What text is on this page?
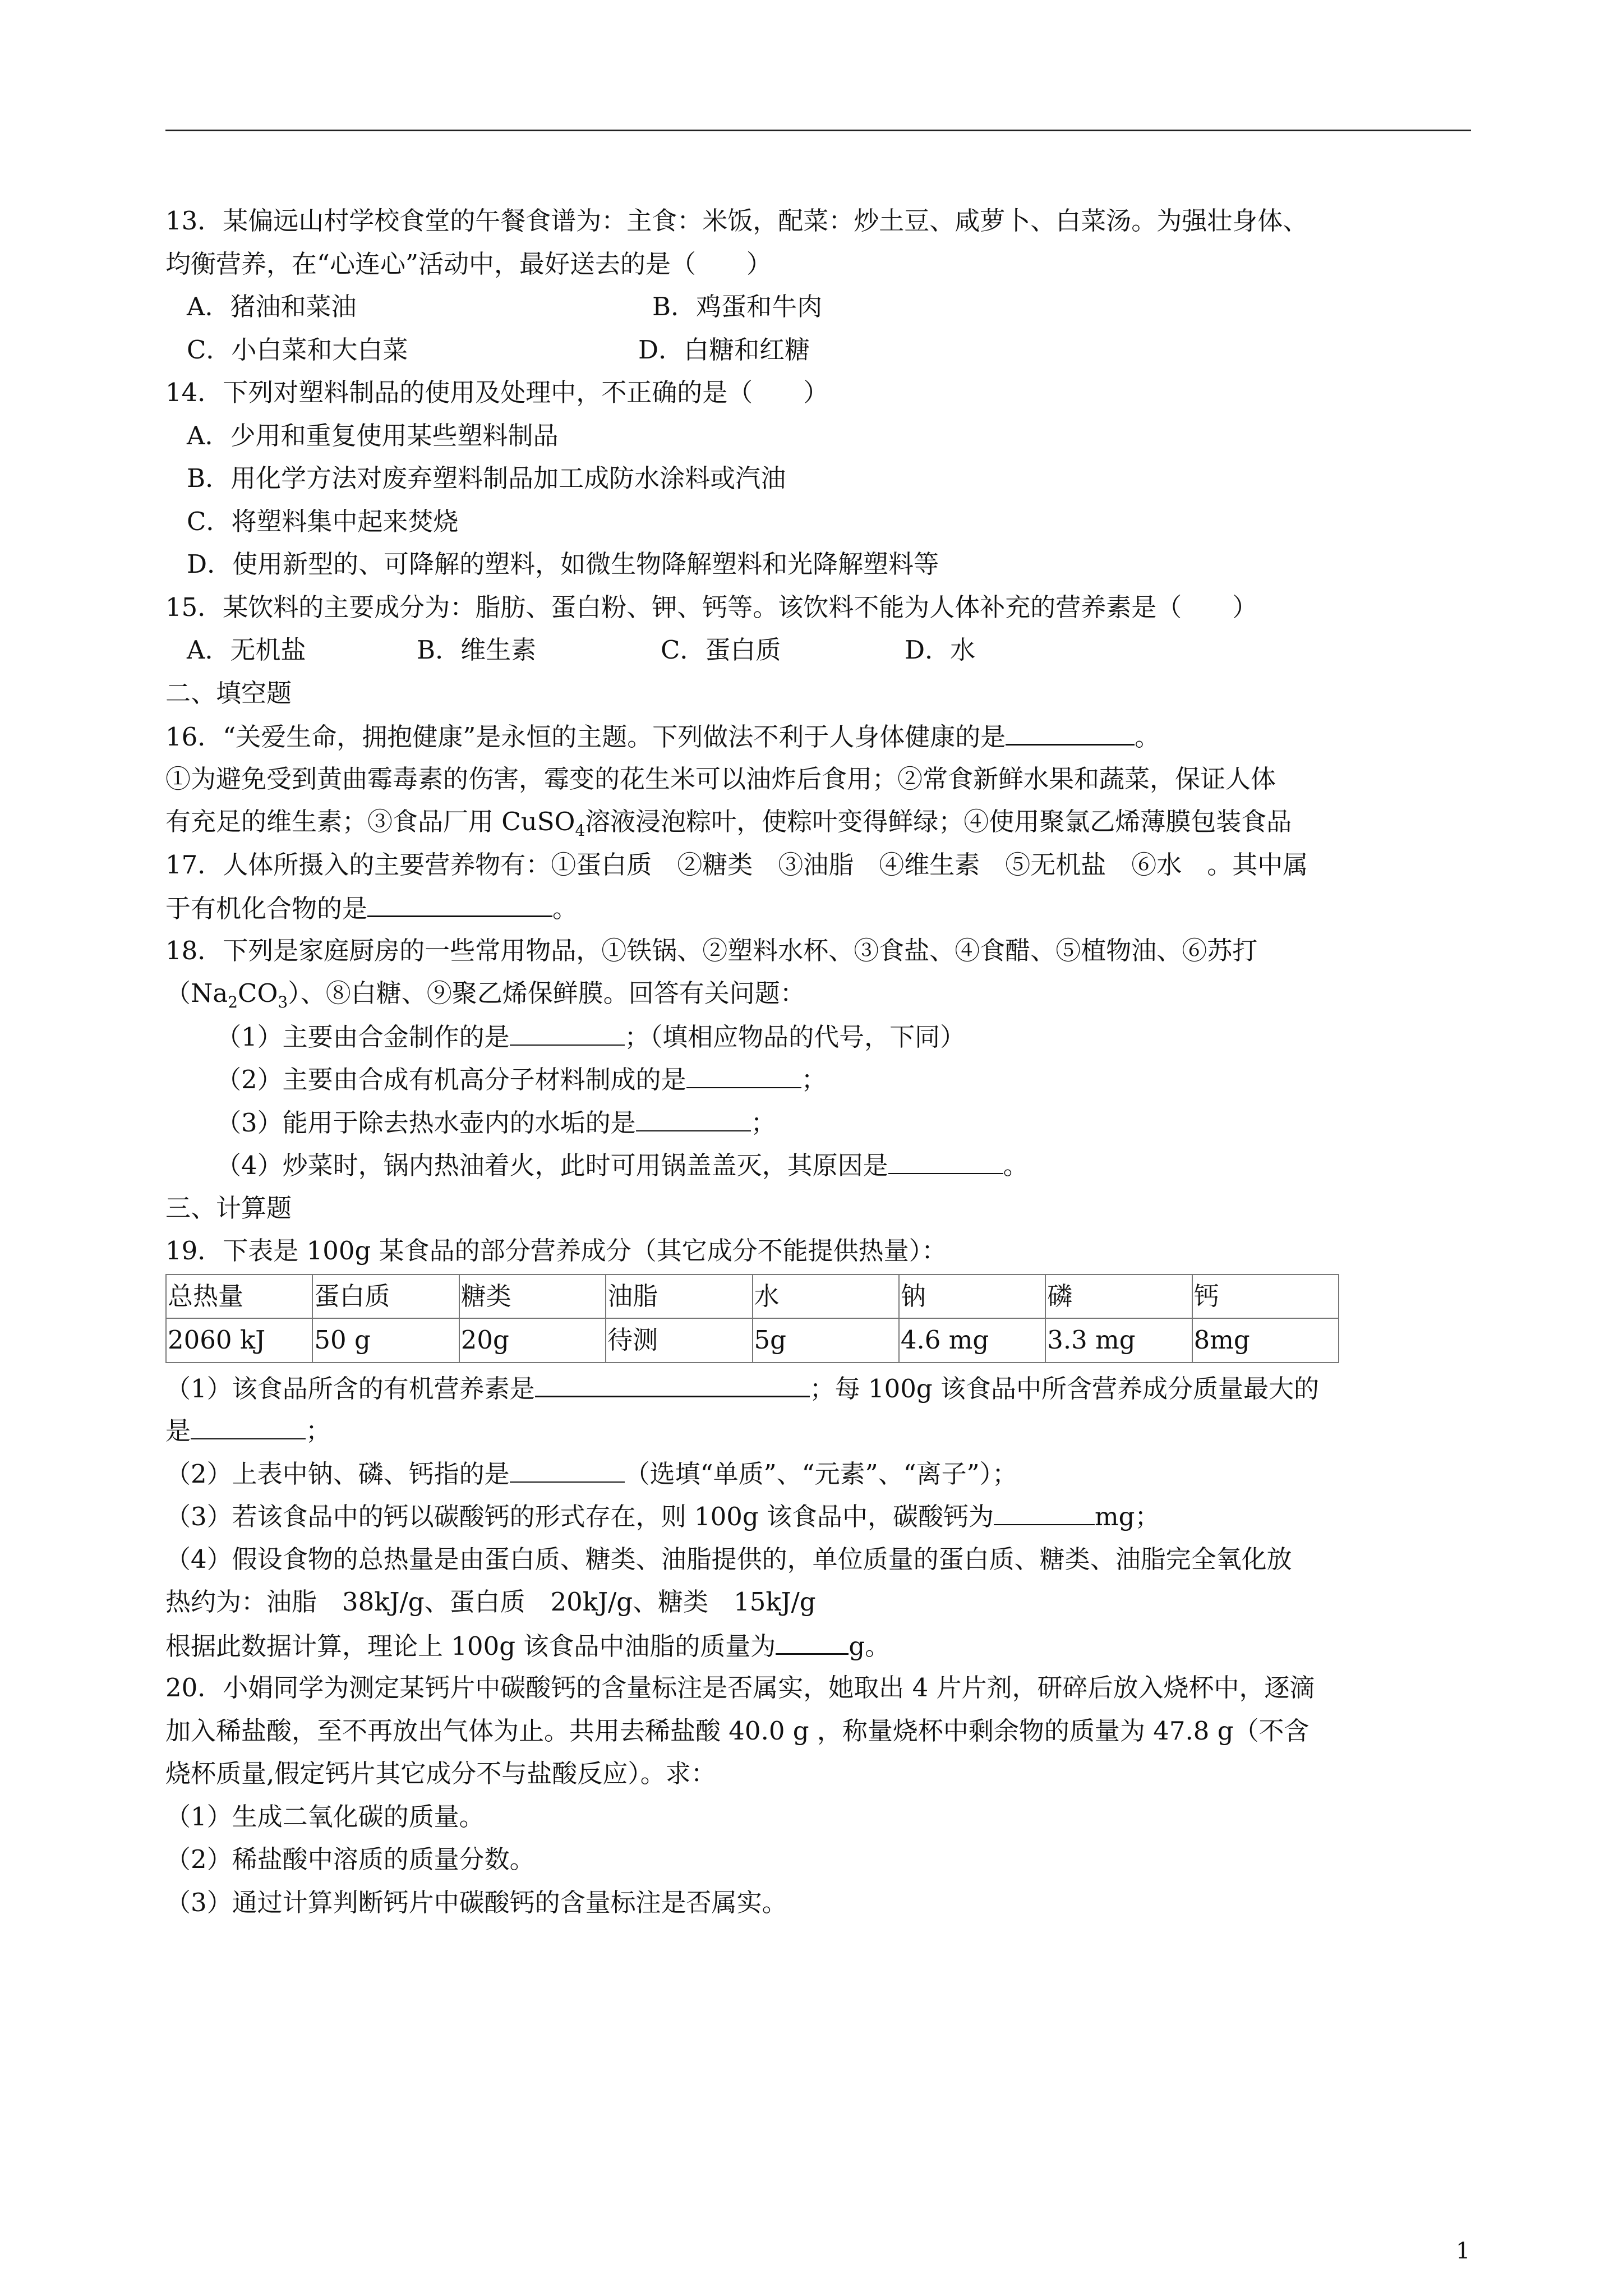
13．某偏远山村学校食堂的午餐食谱为：主食：米饭，配菜：炒土豆、咸萝卜、白菜汤。为强壮身体、
均衡营养，在“心连心”活动中，最好送去的是（　　）
A．猪油和菜油	B．鸡蛋和牛肉
C．小白菜和大白菜	D．白糖和红糖
14．下列对塑料制品的使用及处理中，不正确的是（　　）
A．少用和重复使用某些塑料制品
B．用化学方法对废弃塑料制品加工成防水涂料或汽油
C．将塑料集中起来焚烧
D．使用新型的、可降解的塑料，如微生物降解塑料和光降解塑料等
15．某饮料的主要成分为：脂肪、蛋白粉、钾、钙等。该饮料不能为人体补充的营养素是（　　）
A．无机盐	B．维生素	C．蛋白质	D．水
二、填空题
16．“关爱生命，拥抱健康”是永恒的主题。下列做法不利于人身体健康的是	。
①为避免受到黄曲霉毒素的伤害，霉变的花生米可以油炸后食用；②常食新鲜水果和蔬菜，保证人体
有充足的维生素；③食品厂用 CuSO$_4$溶液浸泡粽叶，使粽叶变得鲜绿；④使用聚氯乙烯薄膜包装食品
17．人体所摄入的主要营养物有：①蛋白质　②糖类　③油脂　④维生素　⑤无机盐　⑥水　。其中属
于有机化合物的是	。
18．下列是家庭厨房的一些常用物品，①铁锅、②塑料水杯、③食盐、④食醋、⑤植物油、⑥苏打
$(Na_2CO_3)$、⑧白糖、⑨聚乙烯保鲜膜。回答有关问题：
（1）主要由合金制作的是	；（填相应物品的代号，下同）
（2）主要由合成有机高分子材料制成的是	；
（3）能用于除去热水壶内的水垢的是	；
（4）炒菜时，锅内热油着火，此时可用锅盖盖灭，其原因是	。
三、计算题
19．下表是 100g 某食品的部分营养成分（其它成分不能提供热量）：
总热量	蛋白质	糖类	油脂	水	钠	磷	钙
2060 kJ	50 g	20g	待测	5g	4.6 mg	3.3 mg	8mg
（1）该食品所含的有机营养素是	；每 100g 该食品中所含营养成分质量最大的
是	；
（2）上表中钠、磷、钙指的是	（选填“单质”、“元素”、“离子”）；
（3）若该食品中的钙以碳酸钙的形式存在，则 100g 该食品中，碳酸钙为	mg；
（4）假设食物的总热量是由蛋白质、糖类、油脂提供的，单位质量的蛋白质、糖类、油脂完全氧化放
热约为：油脂　38kJ/g、蛋白质　20kJ/g、糖类　15kJ/g
根据此数据计算，理论上 100g 该食品中油脂的质量为	g。
20．小娟同学为测定某钙片中碳酸钙的含量标注是否属实，她取出 4 片片剂，研碎后放入烧杯中，逐滴
加入稀盐酸，至不再放出气体为止。共用去稀盐酸 40.0 g ，称量烧杯中剩余物的质量为 47.8 g（不含
烧杯质量,假定钙片其它成分不与盐酸反应）。求：
（1）生成二氧化碳的质量。
（2）稀盐酸中溶质的质量分数。
（3）通过计算判断钙片中碳酸钙的含量标注是否属实。
1
